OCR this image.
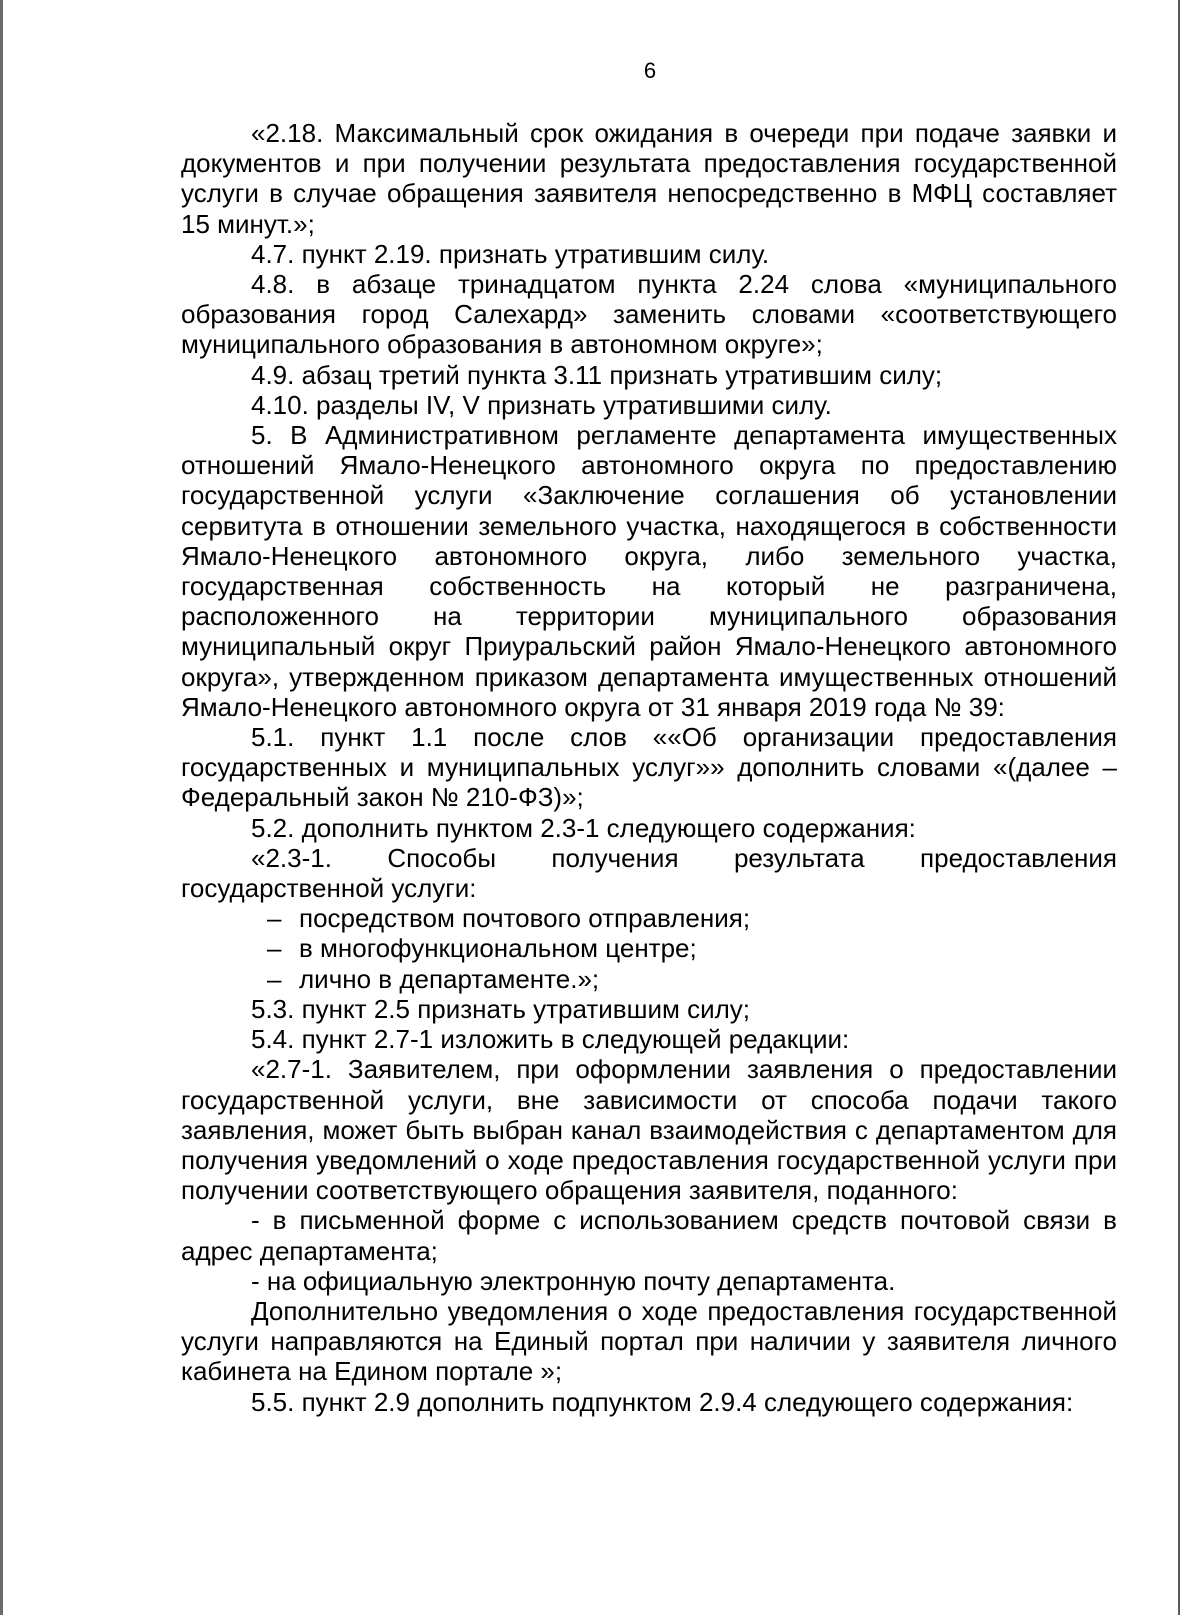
6

«2.18. Максимальный срок ожидания в очереди при подаче заявки и документов и при получении результата предоставления государственной услуги в случае обращения заявителя непосредственно в МФЦ составляет 15 минут.»;

4.7. пункт 2.19. признать утратившим силу.

4.8. в абзаце тринадцатом пункта 2.24 слова «муниципального образования город Салехард» заменить словами «соответствующего муниципального образования в автономном округе»;

4.9. абзац третий пункта 3.11 признать утратившим силу;

4.10. разделы IV, V признать утратившими силу.

5. В Административном регламенте департамента имущественных отношений Ямало-Ненецкого автономного округа по предоставлению государственной услуги «Заключение соглашения об установлении сервитута в отношении земельного участка, находящегося в собственности Ямало-Ненецкого автономного округа, либо земельного участка, государственная собственность на который не разграничена, расположенного на территории муниципального образования муниципальный округ Приуральский район Ямало-Ненецкого автономного округа», утвержденном приказом департамента имущественных отношений Ямало-Ненецкого автономного округа от 31 января 2019 года № 39:

5.1. пункт 1.1 после слов ««Об организации предоставления государственных и муниципальных услуг»» дополнить словами «(далее – Федеральный закон № 210-ФЗ)»;

5.2. дополнить пунктом 2.3-1 следующего содержания:

«2.3-1. Способы получения результата предоставления государственной услуги:

– посредством почтового отправления;

– в многофункциональном центре;

– лично в департаменте.»;

5.3. пункт 2.5 признать утратившим силу;

5.4. пункт 2.7-1 изложить в следующей редакции:

«2.7-1. Заявителем, при оформлении заявления о предоставлении государственной услуги, вне зависимости от способа подачи такого заявления, может быть выбран канал взаимодействия с департаментом для получения уведомлений о ходе предоставления государственной услуги при получении соответствующего обращения заявителя, поданного:

- в письменной форме с использованием средств почтовой связи в адрес департамента;

- на официальную электронную почту департамента.

Дополнительно уведомления о ходе предоставления государственной услуги направляются на Единый портал при наличии у заявителя личного кабинета на Едином портале »;

5.5. пункт 2.9 дополнить подпунктом 2.9.4 следующего содержания:
